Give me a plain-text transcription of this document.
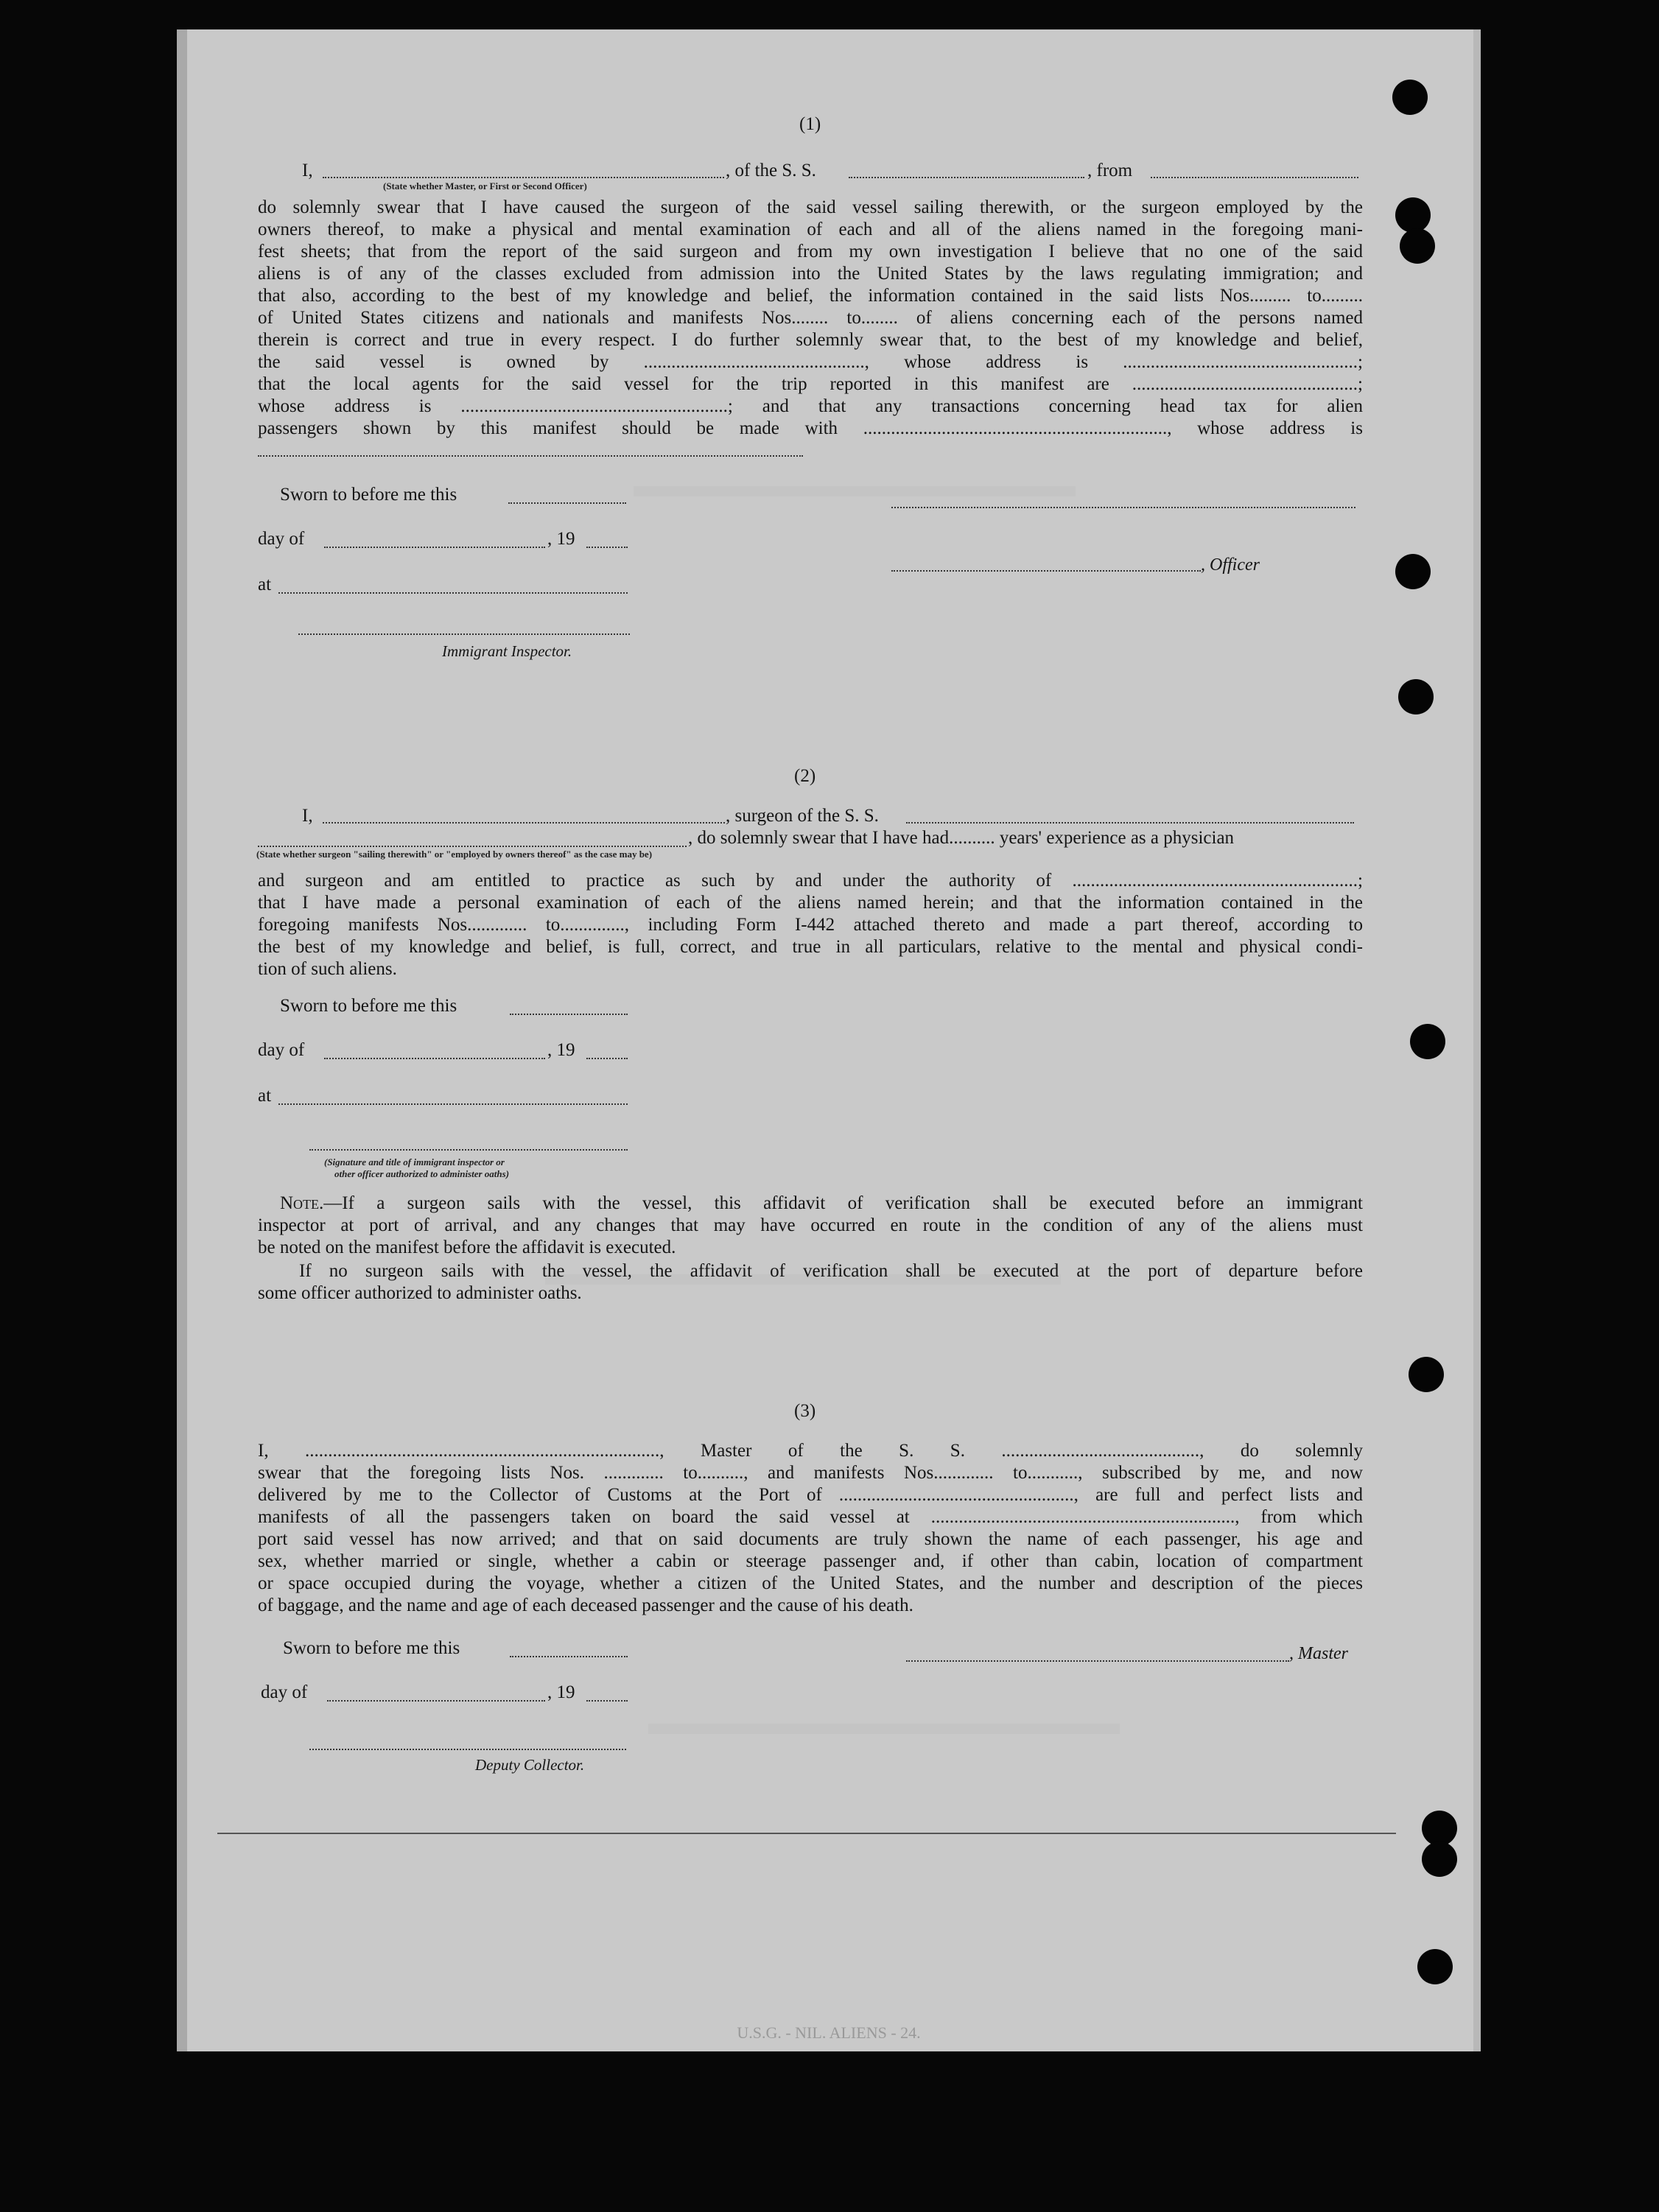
(1)
I,	, of the S. S.	, from
(State whether Master, or First or Second Officer)
do solemnly swear that I have caused the surgeon of the said vessel sailing therewith, or the surgeon employed by the
owners thereof, to make a physical and mental examination of each and all of the aliens named in the foregoing mani-
fest sheets; that from the report of the said surgeon and from my own investigation I believe that no one of the said
aliens is of any of the classes excluded from admission into the United States by the laws regulating immigration; and
that also, according to the best of my knowledge and belief, the information contained in the said lists Nos......... to.........
of United States citizens and nationals and manifests Nos........ to........ of aliens concerning each of the persons named
therein is correct and true in every respect. I do further solemnly swear that, to the best of my knowledge and belief,
the said vessel is owned by ................................................, whose address is ...................................................;
that the local agents for the said vessel for the trip reported in this manifest are .................................................;
whose address is ..........................................................; and that any transactions concerning head tax for alien
passengers shown by this manifest should be made with .................................................................., whose address is
Sworn to before me this
day of	, 19
, Officer
at
Immigrant Inspector.
(2)
I,	, surgeon of the S. S.
, do solemnly swear that I have had.......... years' experience as a physician
(State whether surgeon "sailing therewith" or "employed by owners thereof" as the case may be)
and surgeon and am entitled to practice as such by and under the authority of ..............................................................;
that I have made a personal examination of each of the aliens named herein; and that the information contained in the
foregoing manifests Nos............. to.............., including Form I-442 attached thereto and made a part thereof, according to
the best of my knowledge and belief, is full, correct, and true in all particulars, relative to the mental and physical condi-
tion of such aliens.
Sworn to before me this
day of	, 19
at
(Signature and title of immigrant inspector or
other officer authorized to administer oaths)
Note.—If a surgeon sails with the vessel, this affidavit of verification shall be executed before an immigrant
inspector at port of arrival, and any changes that may have occurred en route in the condition of any of the aliens must
be noted on the manifest before the affidavit is executed.
If no surgeon sails with the vessel, the affidavit of verification shall be executed at the port of departure before
some officer authorized to administer oaths.
(3)
I, ............................................................................., Master of the S. S. ..........................................., do solemnly
swear that the foregoing lists Nos. ............. to.........., and manifests Nos............. to..........., subscribed by me, and now
delivered by me to the Collector of Customs at the Port of ..................................................., are full and perfect lists and
manifests of all the passengers taken on board the said vessel at .................................................................., from which
port said vessel has now arrived; and that on said documents are truly shown the name of each passenger, his age and
sex, whether married or single, whether a cabin or steerage passenger and, if other than cabin, location of compartment
or space occupied during the voyage, whether a citizen of the United States, and the number and description of the pieces
of baggage, and the name and age of each deceased passenger and the cause of his death.
Sworn to before me this	, Master
day of	, 19
Deputy Collector.
U.S.G. - NIL. ALIENS - 24.
